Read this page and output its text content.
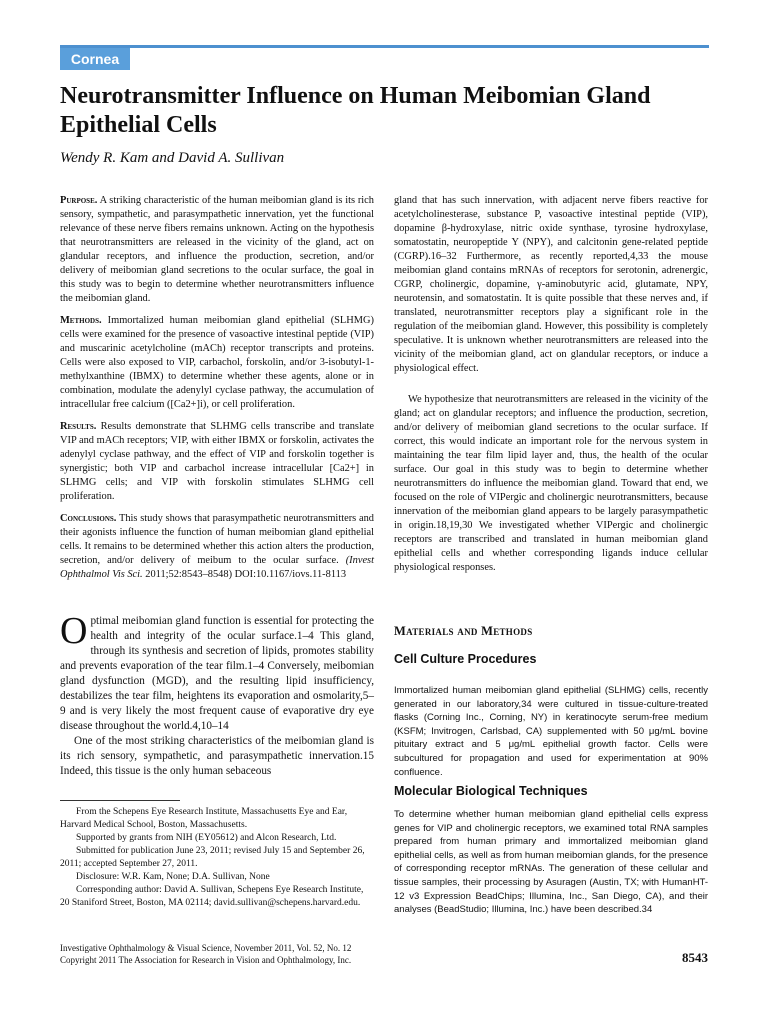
Cornea
Neurotransmitter Influence on Human Meibomian Gland Epithelial Cells
Wendy R. Kam and David A. Sullivan

Purpose. A striking characteristic of the human meibomian gland is its rich sensory, sympathetic, and parasympathetic innervation, yet the functional relevance of these nerve fibers remains unknown. Acting on the hypothesis that neurotransmitters are released in the vicinity of the gland, act on glandular receptors, and influence the production, secretion, and/or delivery of meibomian gland secretions to the ocular surface, the goal in this study was to begin to determine whether neurotransmitters influence the meibomian gland.

Methods. Immortalized human meibomian gland epithelial (SLHMG) cells were examined for the presence of vasoactive intestinal peptide (VIP) and muscarinic acetylcholine (mACh) receptor transcripts and proteins. Cells were also exposed to VIP, carbachol, forskolin, and/or 3-isobutyl-1-methylxanthine (IBMX) to determine whether these agents, alone or in combination, modulate the adenylyl cyclase pathway, the accumulation of intracellular free calcium ([Ca2+]i), or cell proliferation.

Results. Results demonstrate that SLHMG cells transcribe and translate VIP and mACh receptors; VIP, with either IBMX or forskolin, activates the adenylyl cyclase pathway, and the effect of VIP and forskolin together is synergistic; both VIP and carbachol increase intracellular [Ca2+] in SLHMG cells; and VIP with forskolin stimulates SLHMG cell proliferation.

Conclusions. This study shows that parasympathetic neurotransmitters and their agonists influence the function of human meibomian gland epithelial cells. It remains to be determined whether this action alters the production, secretion, and/or delivery of meibum to the ocular surface. (Invest Ophthalmol Vis Sci. 2011;52:8543–8548) DOI:10.1167/iovs.11-8113

Optimal meibomian gland function is essential for protecting the health and integrity of the ocular surface.1–4 This gland, through its synthesis and secretion of lipids, promotes stability and prevents evaporation of the tear film.1–4 Conversely, meibomian gland dysfunction (MGD), and the resulting lipid insufficiency, destabilizes the tear film, heightens its evaporation and osmolarity,5–9 and is very likely the most frequent cause of evaporative dry eye disease throughout the world.4,10–14

One of the most striking characteristics of the meibomian gland is its rich sensory, sympathetic, and parasympathetic innervation.15 Indeed, this tissue is the only human sebaceous

From the Schepens Eye Research Institute, Massachusetts Eye and Ear, Harvard Medical School, Boston, Massachusetts.

Supported by grants from NIH (EY05612) and Alcon Research, Ltd.

Submitted for publication June 23, 2011; revised July 15 and September 26, 2011; accepted September 27, 2011.

Disclosure: W.R. Kam, None; D.A. Sullivan, None

Corresponding author: David A. Sullivan, Schepens Eye Research Institute, 20 Staniford Street, Boston, MA 02114; david.sullivan@schepens.harvard.edu.

gland that has such innervation, with adjacent nerve fibers reactive for acetylcholinesterase, substance P, vasoactive intestinal peptide (VIP), dopamine β-hydroxylase, nitric oxide synthase, tyrosine hydroxylase, somatostatin, neuropeptide Y (NPY), and calcitonin gene-related peptide (CGRP).16–32 Furthermore, as recently reported,4,33 the mouse meibomian gland contains mRNAs of receptors for serotonin, adrenergic, CGRP, cholinergic, dopamine, γ-aminobutyric acid, glutamate, NPY, neurotensin, and somatostatin. It is quite possible that these nerves and, if translated, neurotransmitter receptors play a significant role in the regulation of the meibomian gland. However, this possibility is completely speculative. It is unknown whether neurotransmitters are released into the vicinity of the meibomian gland, act on glandular receptors, or induce a physiological effect.

We hypothesize that neurotransmitters are released in the vicinity of the gland; act on glandular receptors; and influence the production, secretion, and/or delivery of meibomian gland secretions to the ocular surface. If correct, this would indicate an important role for the nervous system in maintaining the tear film lipid layer and, thus, the health of the ocular surface. Our goal in this study was to begin to determine whether neurotransmitters do influence the meibomian gland. Toward that end, we focused on the role of VIPergic and cholinergic neurotransmitters, because innervation of the meibomian gland appears to be largely parasympathetic in origin.18,19,30 We investigated whether VIPergic and cholinergic receptors are transcribed and translated in human meibomian gland epithelial cells and whether corresponding ligands induce cellular physiological responses.

Materials and Methods
Cell Culture Procedures
Immortalized human meibomian gland epithelial (SLHMG) cells, recently generated in our laboratory,34 were cultured in tissue-culture-treated flasks (Corning Inc., Corning, NY) in keratinocyte serum-free medium (KSFM; Invitrogen, Carlsbad, CA) supplemented with 50 μg/mL bovine pituitary extract and 5 μg/mL epithelial growth factor. Cells were subcultured for propagation and used for experimentation at 90% confluence.
Molecular Biological Techniques
To determine whether human meibomian gland epithelial cells express genes for VIP and cholinergic receptors, we examined total RNA samples prepared from human primary and immortalized meibomian gland epithelial cells, as well as from human meibomian glands, for the presence of corresponding receptor mRNAs. The generation of these cellular and tissue samples, their processing by Asuragen (Austin, TX; with HumanHT-12 v3 Expression BeadChips; Illumina, Inc., San Diego, CA), and their analyses (BeadStudio; Illumina, Inc.) have been described.34
Investigative Ophthalmology & Visual Science, November 2011, Vol. 52, No. 12
Copyright 2011 The Association for Research in Vision and Ophthalmology, Inc.	8543
